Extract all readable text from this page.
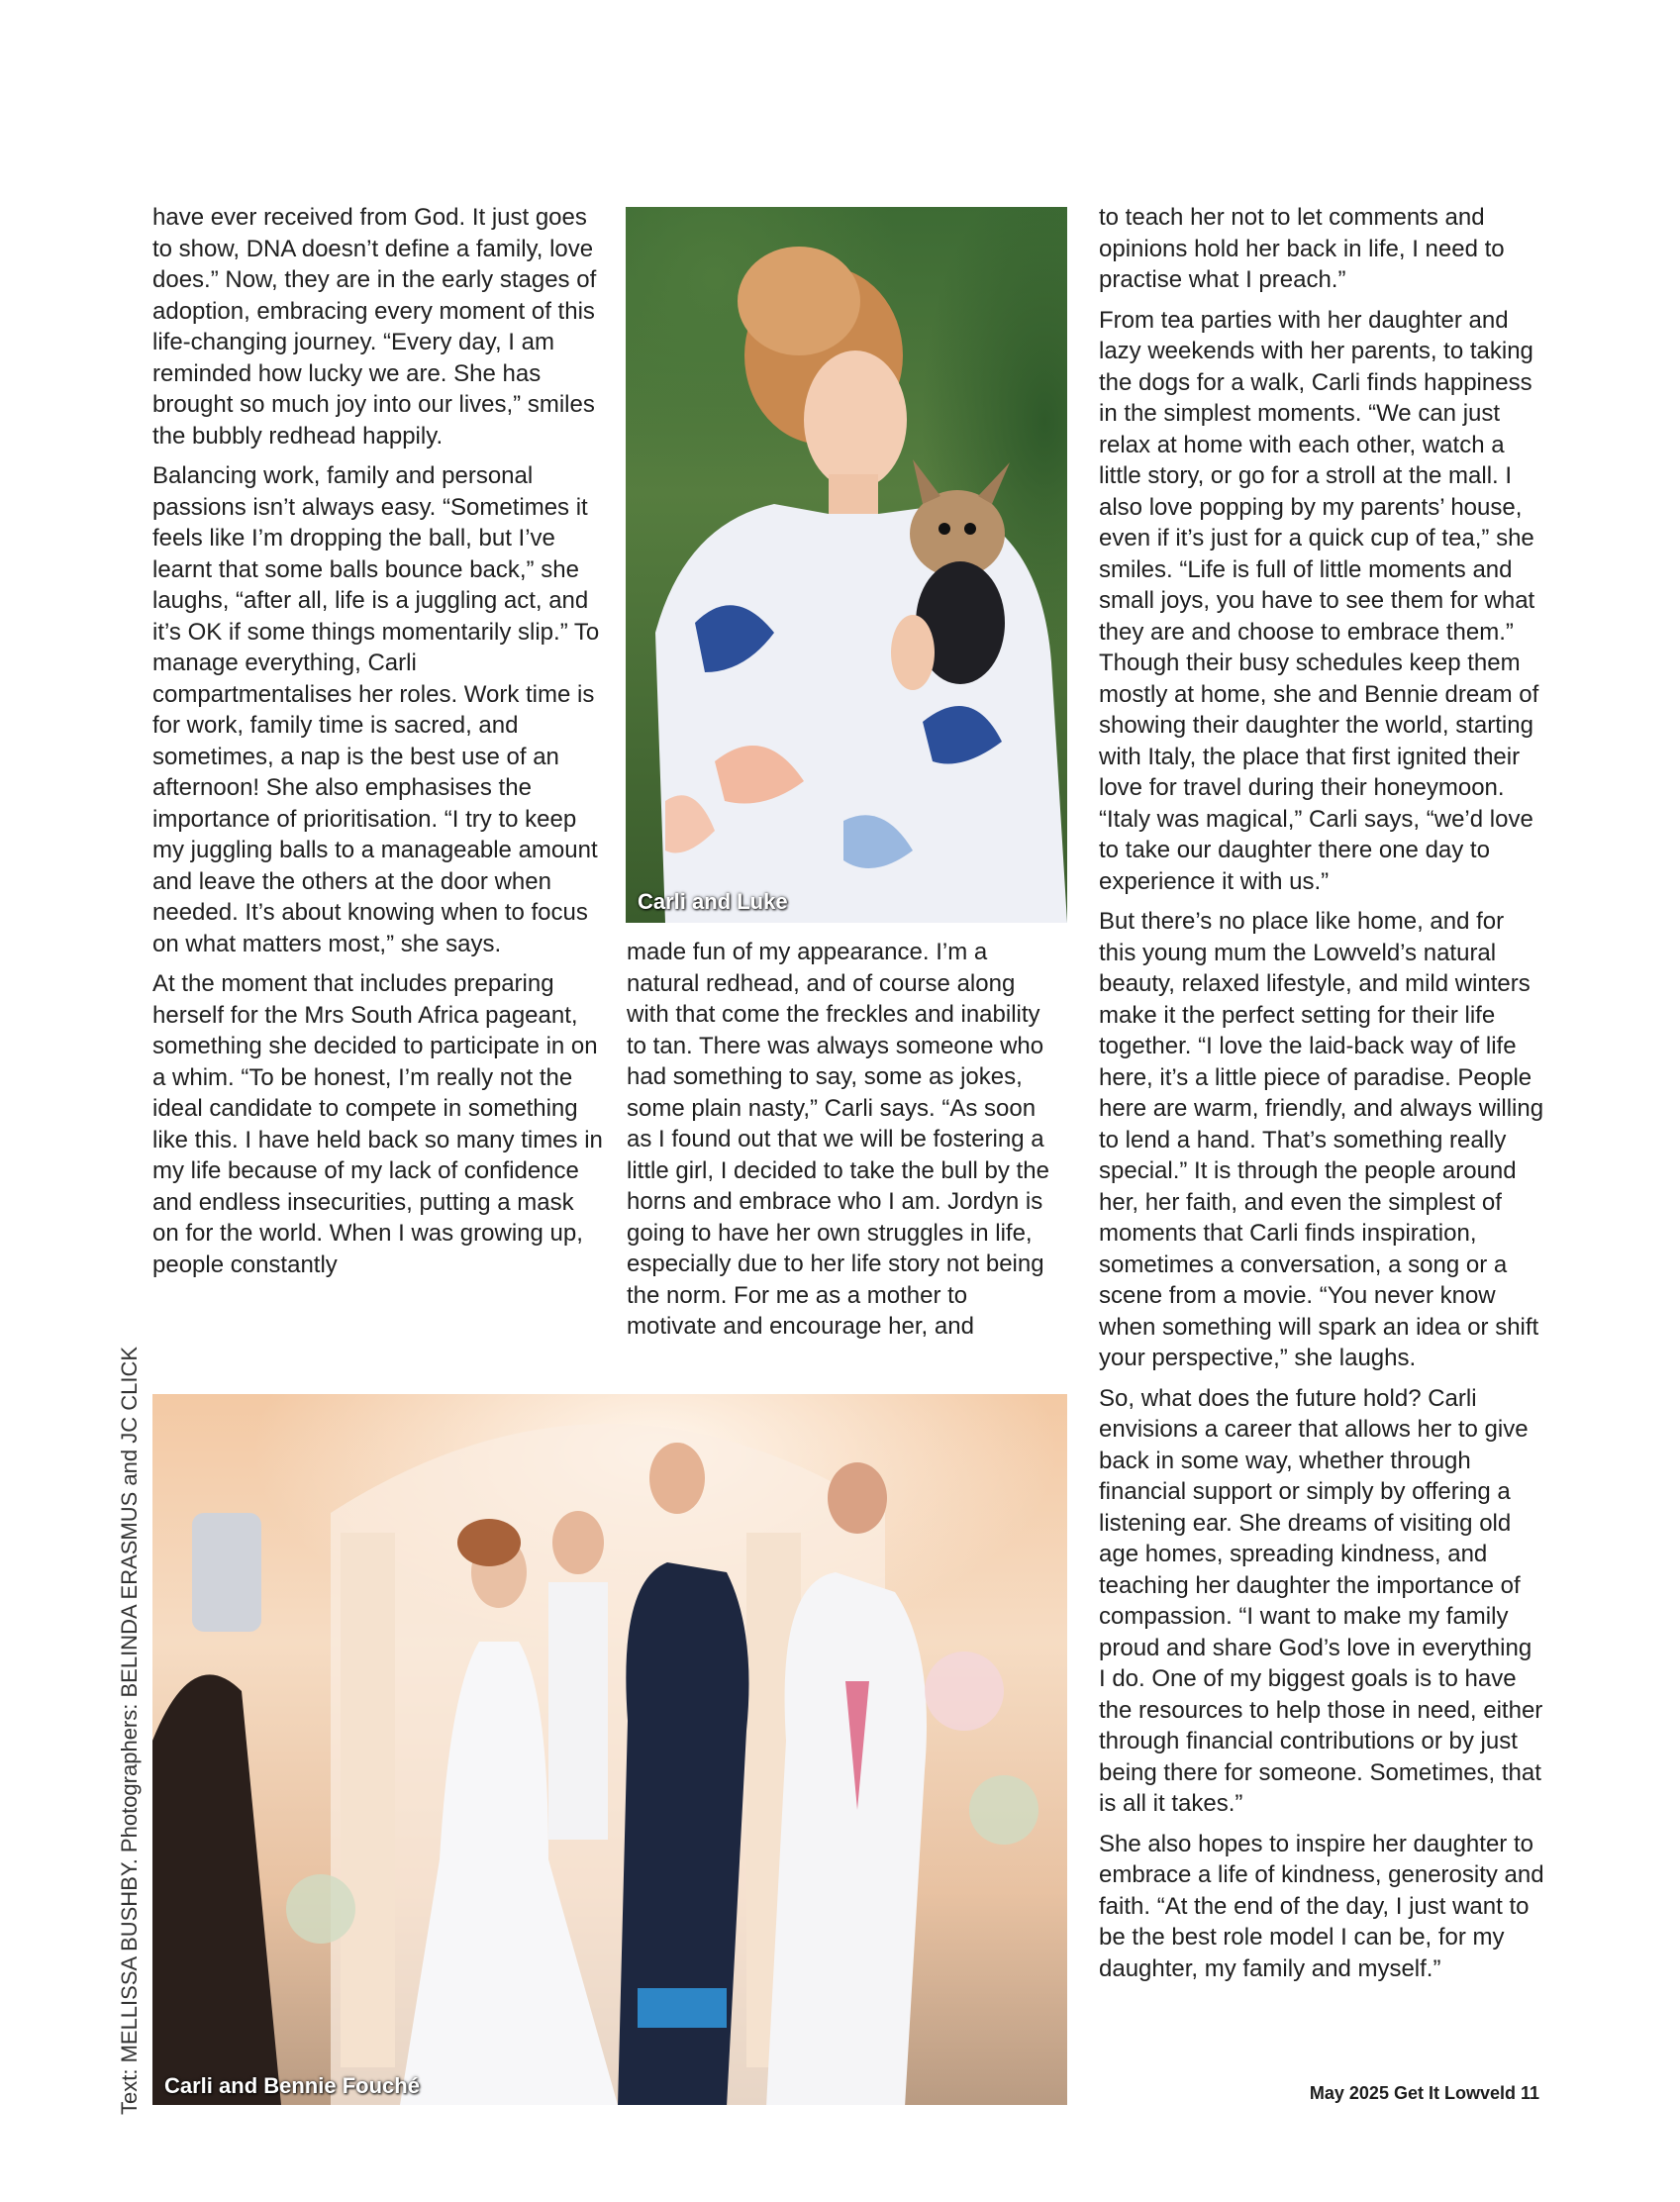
have ever received from God. It just goes to show, DNA doesn’t define a family, love does.” Now, they are in the early stages of adoption, embracing every moment of this life-changing journey. “Every day, I am reminded how lucky we are. She has brought so much joy into our lives,” smiles the bubbly redhead happily.

Balancing work, family and personal passions isn’t always easy. “Sometimes it feels like I’m dropping the ball, but I’ve learnt that some balls bounce back,” she laughs, “after all, life is a juggling act, and it’s OK if some things momentarily slip.” To manage everything, Carli compartmentalises her roles. Work time is for work, family time is sacred, and sometimes, a nap is the best use of an afternoon! She also emphasises the importance of prioritisation. “I try to keep my juggling balls to a manageable amount and leave the others at the door when needed. It’s about knowing when to focus on what matters most,” she says.

At the moment that includes preparing herself for the Mrs South Africa pageant, something she decided to participate in on a whim. “To be honest, I’m really not the ideal candidate to compete in something like this. I have held back so many times in my life because of my lack of confidence and endless insecurities, putting a mask on for the world. When I was growing up, people constantly

Carli and Luke

made fun of my appearance. I’m a natural redhead, and of course along with that come the freckles and inability to tan. There was always someone who had something to say, some as jokes, some plain nasty,” Carli says. “As soon as I found out that we will be fostering a little girl, I decided to take the bull by the horns and embrace who I am. Jordyn is going to have her own struggles in life, especially due to her life story not being the norm. For me as a mother to motivate and encourage her, and

to teach her not to let comments and opinions hold her back in life, I need to practise what I preach.”

From tea parties with her daughter and lazy weekends with her parents, to taking the dogs for a walk, Carli finds happiness in the simplest moments. “We can just relax at home with each other, watch a little story, or go for a stroll at the mall. I also love popping by my parents’ house, even if it’s just for a quick cup of tea,” she smiles. “Life is full of little moments and small joys, you have to see them for what they are and choose to embrace them.” Though their busy schedules keep them mostly at home, she and Bennie dream of showing their daughter the world, starting with Italy, the place that first ignited their love for travel during their honeymoon. “Italy was magical,” Carli says, “we’d love to take our daughter there one day to experience it with us.”

But there’s no place like home, and for this young mum the Lowveld’s natural beauty, relaxed lifestyle, and mild winters make it the perfect setting for their life together. “I love the laid-back way of life here, it’s a little piece of paradise. People here are warm, friendly, and always willing to lend a hand. That’s something really special.” It is through the people around her, her faith, and even the simplest of moments that Carli finds inspiration, sometimes a conversation, a song or a scene from a movie. “You never know when something will spark an idea or shift your perspective,” she laughs.

So, what does the future hold? Carli envisions a career that allows her to give back in some way, whether through financial support or simply by offering a listening ear. She dreams of visiting old age homes, spreading kindness, and teaching her daughter the importance of compassion. “I want to make my family proud and share God’s love in everything I do. One of my biggest goals is to have the resources to help those in need, either through financial contributions or by just being there for someone. Sometimes, that is all it takes.”

She also hopes to inspire her daughter to embrace a life of kindness, generosity and faith. “At the end of the day, I just want to be the best role model I can be, for my daughter, my family and myself.”

Carli and Bennie Fouché
Text: MELLISSA BUSHBY. Photographers: BELINDA ERASMUS and JC CLICK	May 2025 Get It Lowveld 11
